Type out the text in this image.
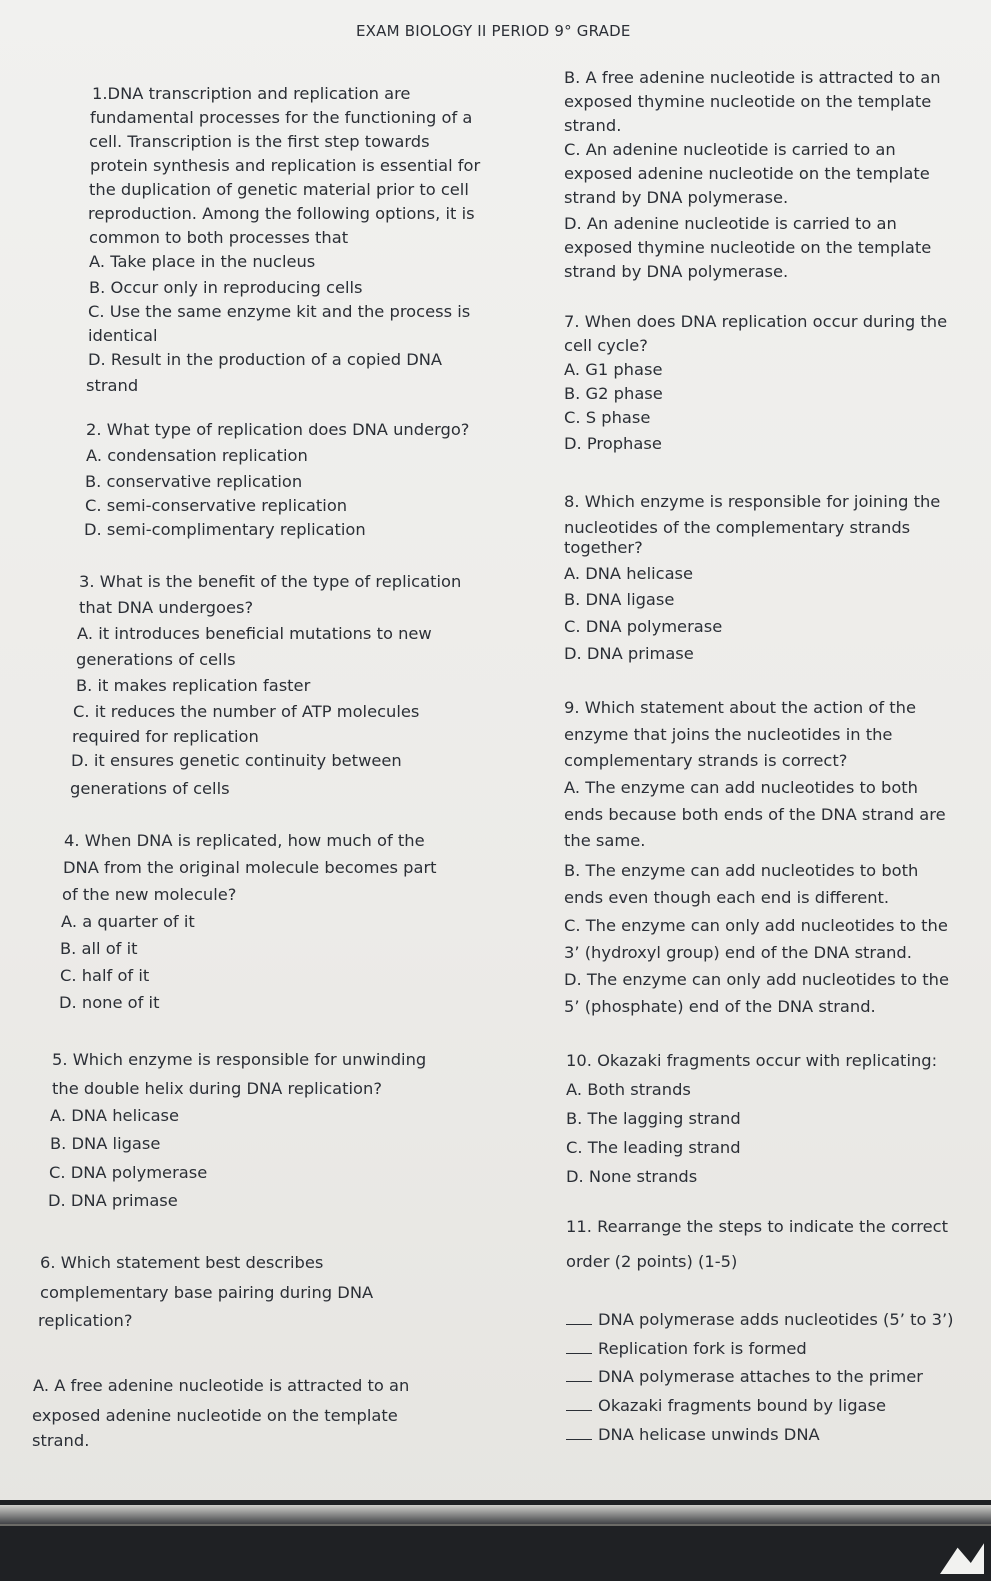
EXAM BIOLOGY II PERIOD 9° GRADE
1.DNA transcription and replication are
fundamental processes for the functioning of a
cell. Transcription is the first step towards
protein synthesis and replication is essential for
the duplication of genetic material prior to cell
reproduction. Among the following options, it is
common to both processes that
A. Take place in the nucleus
B. Occur only in reproducing cells
C. Use the same enzyme kit and the process is
identical
D. Result in the production of a copied DNA
strand
2. What type of replication does DNA undergo?
A. condensation replication
B. conservative replication
C. semi-conservative replication
D. semi-complimentary replication
3. What is the benefit of the type of replication
that DNA undergoes?
A. it introduces beneficial mutations to new
generations of cells
B. it makes replication faster
C. it reduces the number of ATP molecules
required for replication
D. it ensures genetic continuity between
generations of cells
4. When DNA is replicated, how much of the
DNA from the original molecule becomes part
of the new molecule?
A. a quarter of it
B. all of it
C. half of it
D. none of it
5. Which enzyme is responsible for unwinding
the double helix during DNA replication?
A. DNA helicase
B. DNA ligase
C. DNA polymerase
D. DNA primase
6. Which statement best describes
complementary base pairing during DNA
replication?
A. A free adenine nucleotide is attracted to an
exposed adenine nucleotide on the template
strand.
B. A free adenine nucleotide is attracted to an
exposed thymine nucleotide on the template
strand.
C. An adenine nucleotide is carried to an
exposed adenine nucleotide on the template
strand by DNA polymerase.
D. An adenine nucleotide is carried to an
exposed thymine nucleotide on the template
strand by DNA polymerase.
7. When does DNA replication occur during the
cell cycle?
A. G1 phase
B. G2 phase
C. S phase
D. Prophase
8. Which enzyme is responsible for joining the
nucleotides of the complementary strands
together?
A. DNA helicase
B. DNA ligase
C. DNA polymerase
D. DNA primase
9. Which statement about the action of the
enzyme that joins the nucleotides in the
complementary strands is correct?
A. The enzyme can add nucleotides to both
ends because both ends of the DNA strand are
the same.
B. The enzyme can add nucleotides to both
ends even though each end is different.
C. The enzyme can only add nucleotides to the
3’ (hydroxyl group) end of the DNA strand.
D. The enzyme can only add nucleotides to the
5’ (phosphate) end of the DNA strand.
10. Okazaki fragments occur with replicating:
A. Both strands
B. The lagging strand
C. The leading strand
D. None strands
11. Rearrange the steps to indicate the correct
order (2 points) (1-5)
DNA polymerase adds nucleotides (5’ to 3’)
Replication fork is formed
DNA polymerase attaches to the primer
Okazaki fragments bound by ligase
DNA helicase unwinds DNA
